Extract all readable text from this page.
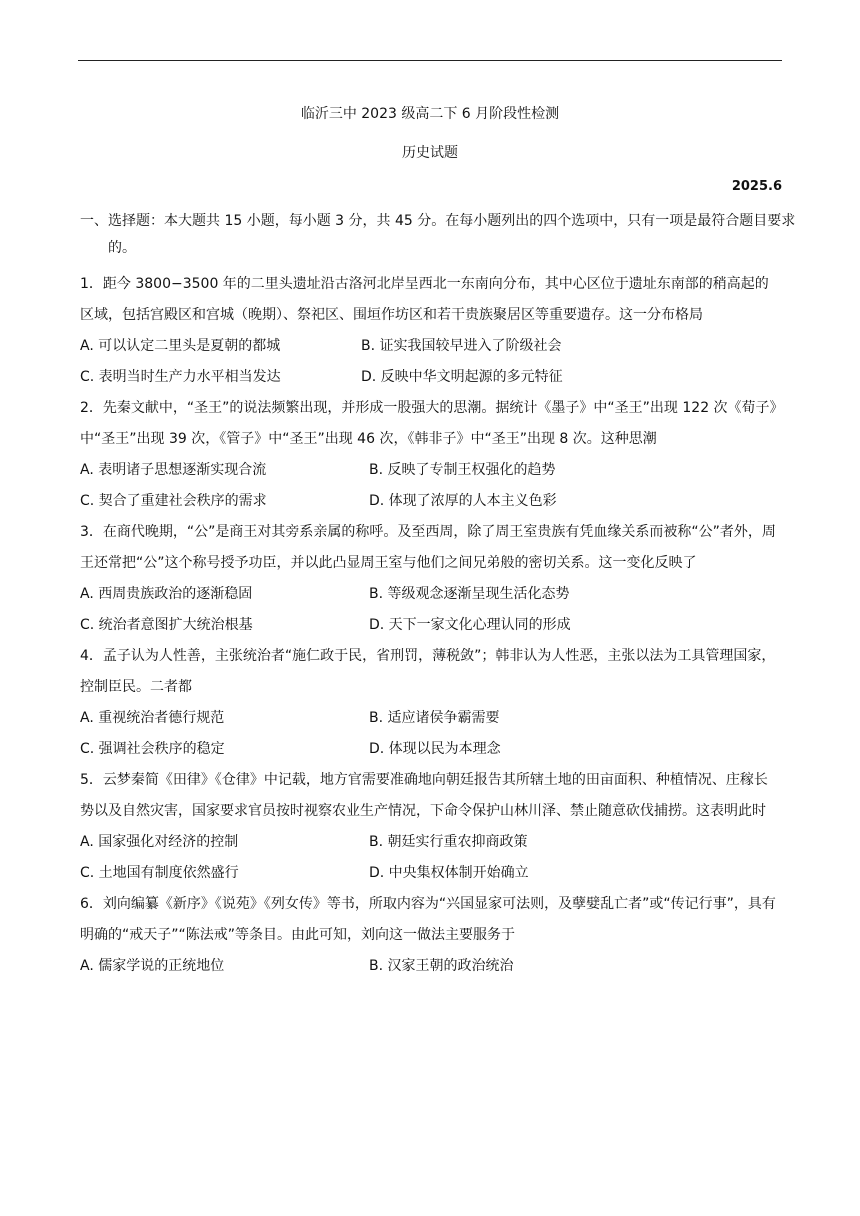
临沂三中 2023 级高二下 6 月阶段性检测
历史试题
2025.6
一、选择题：本大题共 15 小题，每小题 3 分，共 45 分。在每小题列出的四个选项中，只有一项是最符合题目要求的。
1．距今 3800−3500 年的二里头遗址沿古洛河北岸呈西北一东南向分布，其中心区位于遗址东南部的稍高起的区域，包括宫殿区和宫城（晚期）、祭祀区、围垣作坊区和若干贵族聚居区等重要遗存。这一分布格局
A. 可以认定二里头是夏朝的都城	B. 证实我国较早进入了阶级社会
C. 表明当时生产力水平相当发达	D. 反映中华文明起源的多元特征
2．先秦文献中，“圣王”的说法频繁出现，并形成一股强大的思潮。据统计《墨子》中“圣王”出现 122 次《荀子》中“圣王”出现 39 次，《管子》中“圣王”出现 46 次，《韩非子》中“圣王”出现 8 次。这种思潮
A. 表明诸子思想逐渐实现合流	B. 反映了专制王权强化的趋势
C. 契合了重建社会秩序的需求	D. 体现了浓厚的人本主义色彩
3．在商代晚期，“公”是商王对其旁系亲属的称呼。及至西周，除了周王室贵族有凭血缘关系而被称“公”者外，周王还常把“公”这个称号授予功臣，并以此凸显周王室与他们之间兄弟般的密切关系。这一变化反映了
A. 西周贵族政治的逐渐稳固	B. 等级观念逐渐呈现生活化态势
C. 统治者意图扩大统治根基	D. 天下一家文化心理认同的形成
4．孟子认为人性善，主张统治者“施仁政于民，省刑罚，薄税敛”；韩非认为人性恶，主张以法为工具管理国家，控制臣民。二者都
A. 重视统治者德行规范	B. 适应诸侯争霸需要
C. 强调社会秩序的稳定	D. 体现以民为本理念
5．云梦秦简《田律》《仓律》中记载，地方官需要准确地向朝廷报告其所辖土地的田亩面积、种植情况、庄稼长势以及自然灾害，国家要求官员按时视察农业生产情况，下命令保护山林川泽、禁止随意砍伐捕捞。这表明此时
A. 国家强化对经济的控制	B. 朝廷实行重农抑商政策
C. 土地国有制度依然盛行	D. 中央集权体制开始确立
6．刘向编纂《新序》《说苑》《列女传》等书，所取内容为“兴国显家可法则，及孽嬖乱亡者”或“传记行事”，具有明确的“戒天子”“陈法戒”等条目。由此可知，刘向这一做法主要服务于
A. 儒家学说的正统地位	B. 汉家王朝的政治统治
